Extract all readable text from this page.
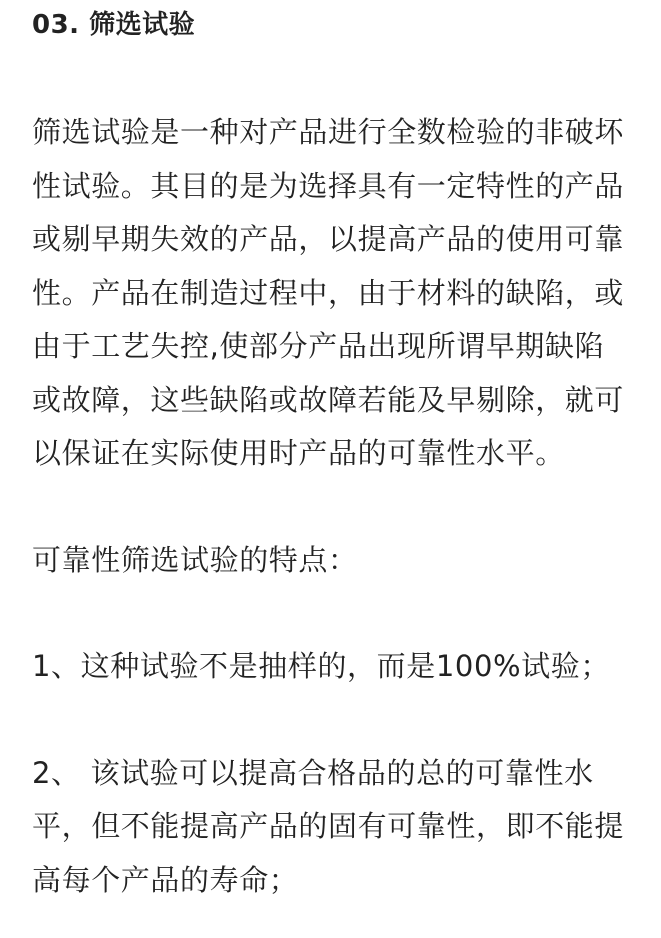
03. 筛选试验

筛选试验是一种对产品进行全数检验的非破坏性试验。其目的是为选择具有一定特性的产品或剔早期失效的产品，以提高产品的使用可靠性。产品在制造过程中，由于材料的缺陷，或由于工艺失控,使部分产品出现所谓早期缺陷或故障，这些缺陷或故障若能及早剔除，就可以保证在实际使用时产品的可靠性水平。

可靠性筛选试验的特点：

1、这种试验不是抽样的，而是100%试验；

2、 该试验可以提高合格品的总的可靠性水平，但不能提高产品的固有可靠性，即不能提高每个产品的寿命；
